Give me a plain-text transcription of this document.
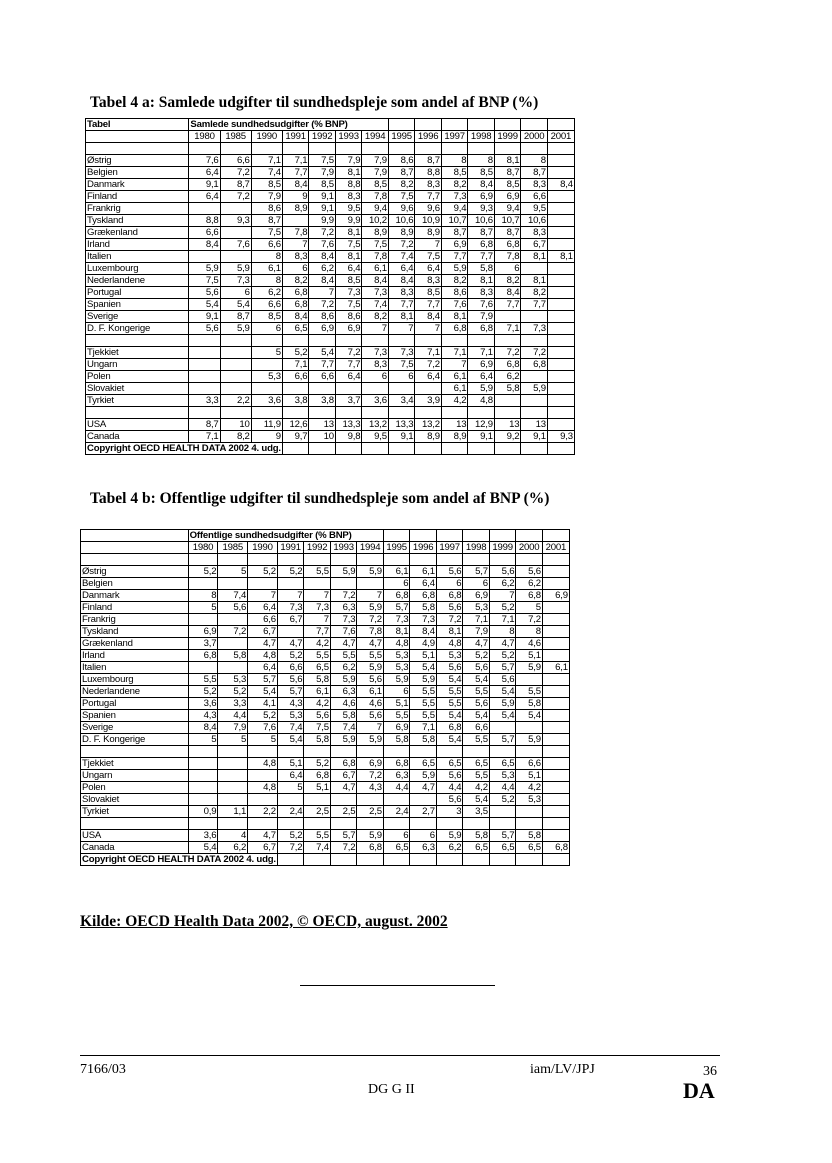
Tabel 4 a: Samlede udgifter til sundhedspleje som andel af BNP (%)
Tabel	Samlede sundhedsudgifter (% BNP)													
	1980	1985	1990	1991	1992	1993	1994	1995	1996	1997	1998	1999	2000	2001

Østrig	7,6	6,6	7,1	7,1	7,5	7,9	7,9	8,6	8,7	8	8	8,1	8	
Belgien	6,4	7,2	7,4	7,7	7,9	8,1	7,9	8,7	8,8	8,5	8,5	8,7	8,7	
Danmark	9,1	8,7	8,5	8,4	8,5	8,8	8,5	8,2	8,3	8,2	8,4	8,5	8,3	8,4
Finland	6,4	7,2	7,9	9	9,1	8,3	7,8	7,5	7,7	7,3	6,9	6,9	6,6	
Frankrig			8,6	8,9	9,1	9,5	9,4	9,6	9,6	9,4	9,3	9,4	9,5	
Tyskland	8,8	9,3	8,7		9,9	9,9	10,2	10,6	10,9	10,7	10,6	10,7	10,6	
Grækenland	6,6		7,5	7,8	7,2	8,1	8,9	8,9	8,9	8,7	8,7	8,7	8,3	
Irland	8,4	7,6	6,6	7	7,6	7,5	7,5	7,2	7	6,9	6,8	6,8	6,7	
Italien			8	8,3	8,4	8,1	7,8	7,4	7,5	7,7	7,7	7,8	8,1	8,1
Luxembourg	5,9	5,9	6,1	6	6,2	6,4	6,1	6,4	6,4	5,9	5,8	6		
Nederlandene	7,5	7,3	8	8,2	8,4	8,5	8,4	8,4	8,3	8,2	8,1	8,2	8,1	
Portugal	5,6	6	6,2	6,8	7	7,3	7,3	8,3	8,5	8,6	8,3	8,4	8,2	
Spanien	5,4	5,4	6,6	6,8	7,2	7,5	7,4	7,7	7,7	7,6	7,6	7,7	7,7	
Sverige	9,1	8,7	8,5	8,4	8,6	8,6	8,2	8,1	8,4	8,1	7,9			
D. F. Kongerige	5,6	5,9	6	6,5	6,9	6,9	7	7	7	6,8	6,8	7,1	7,3	

Tjekkiet			5	5,2	5,4	7,2	7,3	7,3	7,1	7,1	7,1	7,2	7,2	
Ungarn				7,1	7,7	7,7	8,3	7,5	7,2	7	6,9	6,8	6,8	
Polen			5,3	6,6	6,6	6,4	6	6	6,4	6,1	6,4	6,2		
Slovakiet										6,1	5,9	5,8	5,9	
Tyrkiet	3,3	2,2	3,6	3,8	3,8	3,7	3,6	3,4	3,9	4,2	4,8			

USA	8,7	10	11,9	12,6	13	13,3	13,2	13,3	13,2	13	12,9	13	13	
Canada	7,1	8,2	9	9,7	10	9,8	9,5	9,1	8,9	8,9	9,1	9,2	9,1	9,3
Copyright OECD HEALTH DATA 2002 4. udg.														
Tabel 4 b: Offentlige udgifter til sundhedspleje som andel af BNP (%)
	Offentlige sundhedsudgifter (% BNP)													
	1980	1985	1990	1991	1992	1993	1994	1995	1996	1997	1998	1999	2000	2001

Østrig	5,2	5	5,2	5,2	5,5	5,9	5,9	6,1	6,1	5,6	5,7	5,6	5,6	
Belgien								6	6,4	6	6	6,2	6,2	
Danmark	8	7,4	7	7	7	7,2	7	6,8	6,8	6,8	6,9	7	6,8	6,9
Finland	5	5,6	6,4	7,3	7,3	6,3	5,9	5,7	5,8	5,6	5,3	5,2	5	
Frankrig			6,6	6,7	7	7,3	7,2	7,3	7,3	7,2	7,1	7,1	7,2	
Tyskland	6,9	7,2	6,7		7,7	7,6	7,8	8,1	8,4	8,1	7,9	8	8	
Grækenland	3,7		4,7	4,7	4,2	4,7	4,7	4,8	4,9	4,8	4,7	4,7	4,6	
Irland	6,8	5,8	4,8	5,2	5,5	5,5	5,5	5,3	5,1	5,3	5,2	5,2	5,1	
Italien			6,4	6,6	6,5	6,2	5,9	5,3	5,4	5,6	5,6	5,7	5,9	6,1
Luxembourg	5,5	5,3	5,7	5,6	5,8	5,9	5,6	5,9	5,9	5,4	5,4	5,6		
Nederlandene	5,2	5,2	5,4	5,7	6,1	6,3	6,1	6	5,5	5,5	5,5	5,4	5,5	
Portugal	3,6	3,3	4,1	4,3	4,2	4,6	4,6	5,1	5,5	5,5	5,6	5,9	5,8	
Spanien	4,3	4,4	5,2	5,3	5,6	5,8	5,6	5,5	5,5	5,4	5,4	5,4	5,4	
Sverige	8,4	7,9	7,6	7,4	7,5	7,4	7	6,9	7,1	6,8	6,6			
D. F. Kongerige	5	5	5	5,4	5,8	5,9	5,9	5,8	5,8	5,4	5,5	5,7	5,9	

Tjekkiet			4,8	5,1	5,2	6,8	6,9	6,8	6,5	6,5	6,5	6,5	6,6	
Ungarn				6,4	6,8	6,7	7,2	6,3	5,9	5,6	5,5	5,3	5,1	
Polen			4,8	5	5,1	4,7	4,3	4,4	4,7	4,4	4,2	4,4	4,2	
Slovakiet										5,6	5,4	5,2	5,3	
Tyrkiet	0,9	1,1	2,2	2,4	2,5	2,5	2,5	2,4	2,7	3	3,5			

USA	3,6	4	4,7	5,2	5,5	5,7	5,9	6	6	5,9	5,8	5,7	5,8	
Canada	5,4	6,2	6,7	7,2	7,4	7,2	6,8	6,5	6,3	6,2	6,5	6,5	6,5	6,8
Copyright OECD HEALTH DATA 2002 4. udg.														
Kilde: OECD Health Data 2002, © OECD, august. 2002
7166/03
DG G II
iam/LV/JPJ	36
DA
